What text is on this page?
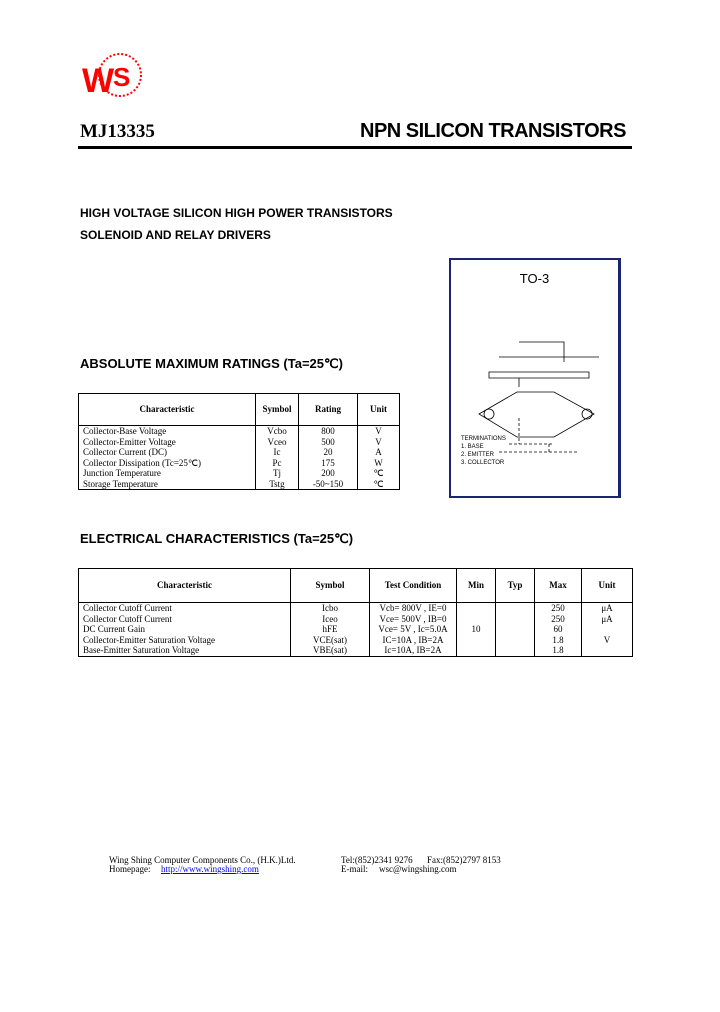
W
S
MJ13335	NPN SILICON TRANSISTORS
HIGH VOLTAGE SILICON HIGH POWER TRANSISTORS
SOLENOID AND RELAY DRIVERS
TO-3
TERMINATIONS
1. BASE
2. EMITTER
3. COLLECTOR
ABSOLUTE MAXIMUM RATINGS (Ta=25℃)
Characteristic	Symbol	Rating	Unit
Collector-Base Voltage	Vcbo	800	V
Collector-Emitter Voltage	Vceo	500	V
Collector Current (DC)	Ic	20	A
Collector Dissipation (Tc=25℃)	Pc	175	W
Junction Temperature	Tj	200	℃
Storage Temperature	Tstg	-50~150	℃
ELECTRICAL CHARACTERISTICS (Ta=25℃)
Characteristic	Symbol	Test Condition	Min	Typ	Max	Unit
Collector Cutoff Current	Icbo	Vcb= 800V , IE=0			250	μA
Collector Cutoff Current	Iceo	Vce= 500V , IB=0			250	μA
DC Current Gain	hFE	Vce= 5V , Ic=5.0A	10		60	
Collector-Emitter Saturation Voltage	VCE(sat)	IC=10A , IB=2A			1.8	V
Base-Emitter Saturation Voltage	VBE(sat)	Ic=10A, IB=2A			1.8	
Wing Shing Computer Components Co., (H.K.)Ltd.	Tel:(852)2341 9276 Fax:(852)2797 8153
Homepage: http://www.wingshing.com	E-mail: wsc@wingshing.com
